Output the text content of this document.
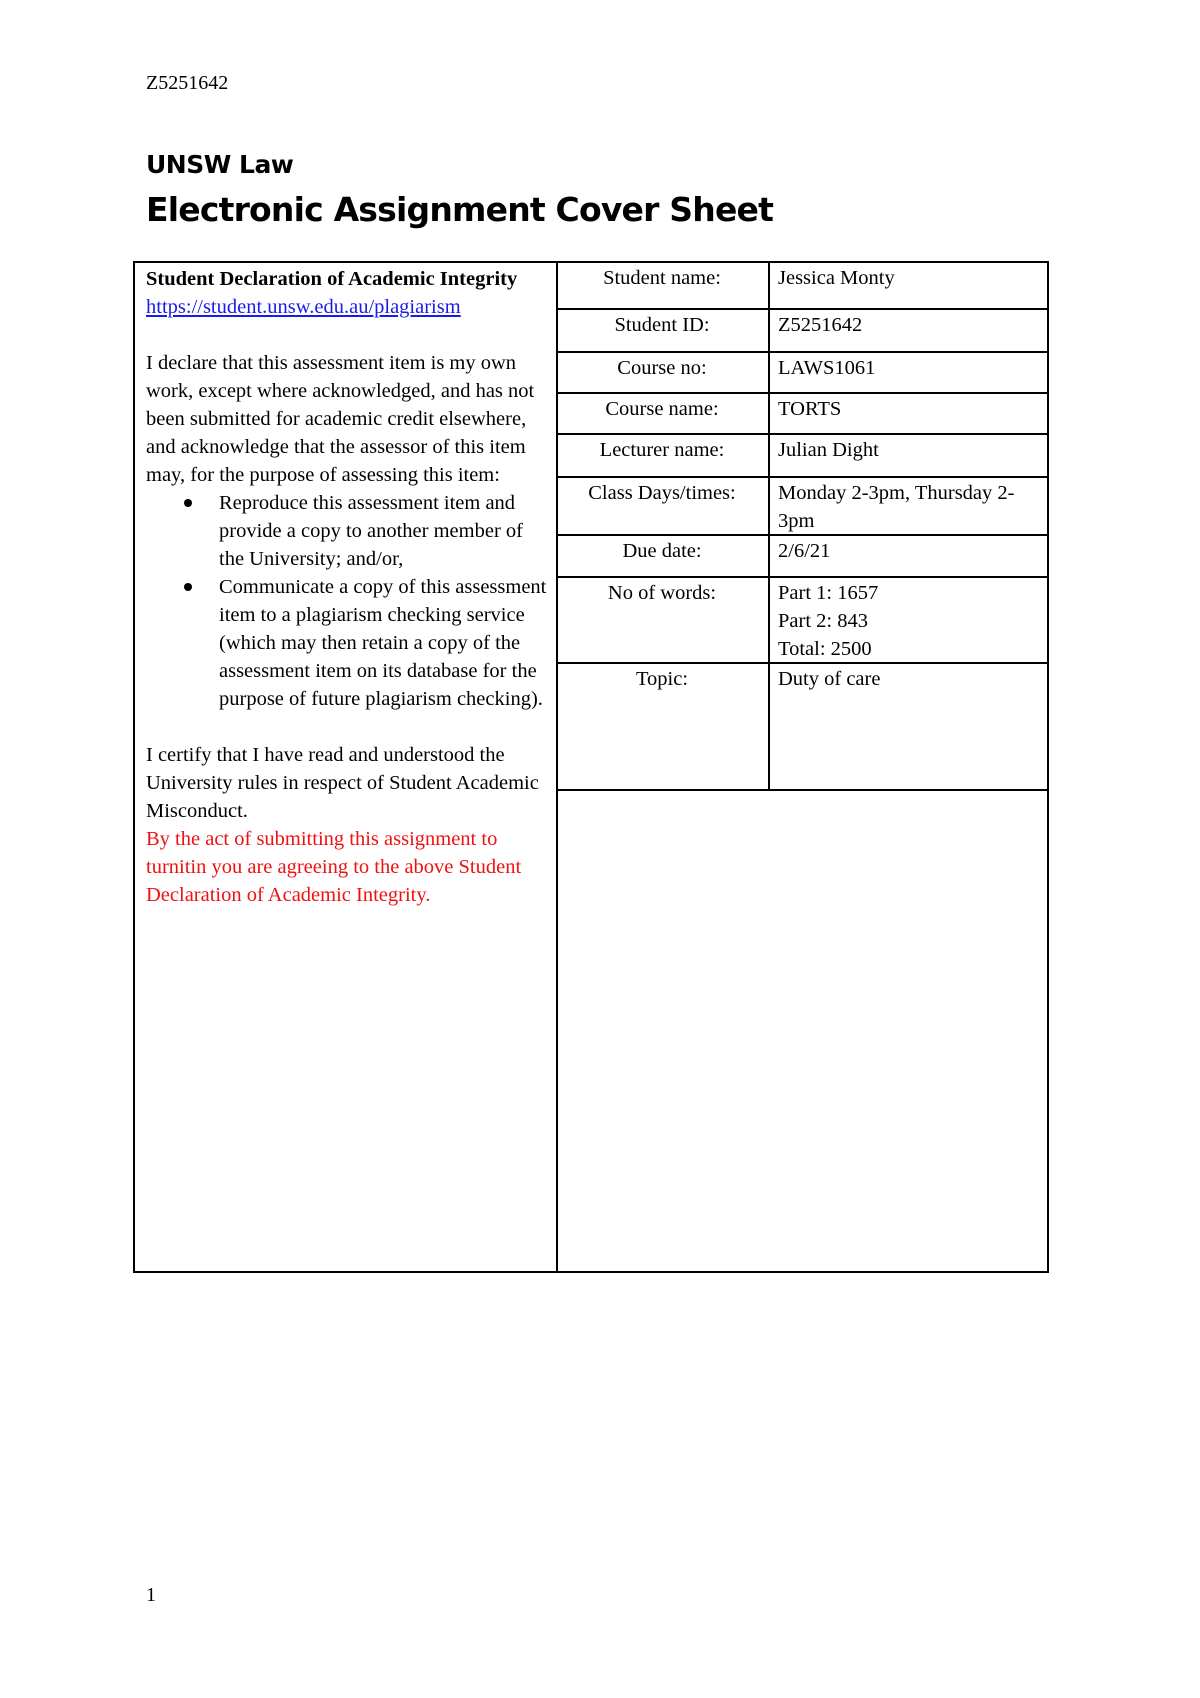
Z5251642
UNSW Law
Electronic Assignment Cover Sheet

Student Declaration of Academic Integrity

https://student.unsw.edu.au/plagiarism

I declare that this assessment item is my own

work, except where acknowledged, and has not

been submitted for academic credit elsewhere,

and acknowledge that the assessor of this item

may, for the purpose of assessing this item:

Reproduce this assessment item and provide a copy to another member of the University; and/or,
Communicate a copy of this assessment item to a plagiarism checking service (which may then retain a copy of the assessment item on its database for the purpose of future plagiarism checking).

I certify that I have read and understood the

University rules in respect of Student Academic

Misconduct.

By the act of submitting this assignment to turnitin you are agreeing to the above Student Declaration of Academic Integrity.

Student name:	Jessica Monty
Student ID:	Z5251642
Course no:	LAWS1061
Course name:	TORTS
Lecturer name:	Julian Dight
Class Days/times:	Monday 2-3pm, Thursday 2-3pm
Due date:	2/6/21
No of words:	Part 1: 1657
Part 2: 843
Total: 2500
Topic:	Duty of care
1
